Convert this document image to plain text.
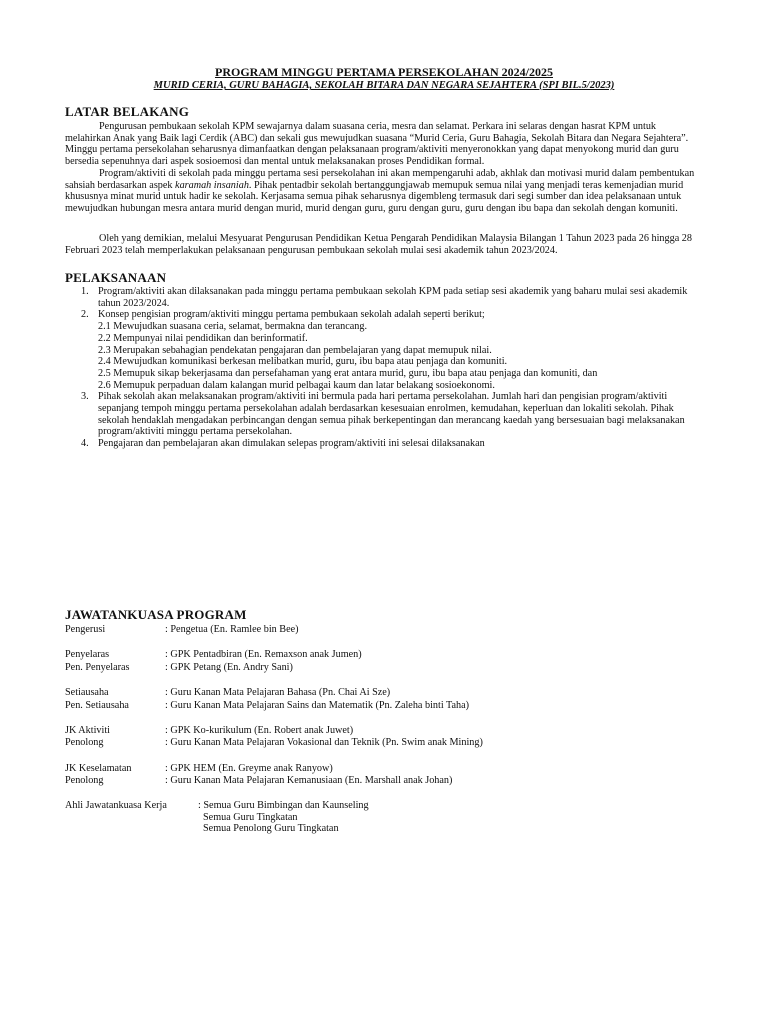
PROGRAM MINGGU PERTAMA PERSEKOLAHAN 2024/2025
MURID CERIA, GURU BAHAGIA, SEKOLAH BITARA DAN NEGARA SEJAHTERA (SPI BIL.5/2023)
LATAR BELAKANG

Pengurusan pembukaan sekolah KPM sewajarnya dalam suasana ceria, mesra dan selamat. Perkara ini selaras dengan hasrat KPM untuk melahirkan Anak yang Baik lagi Cerdik (ABC) dan sekali gus mewujudkan suasana “Murid Ceria, Guru Bahagia, Sekolah Bitara dan Negara Sejahtera”. Minggu pertama persekolahan seharusnya dimanfaatkan dengan pelaksanaan program/aktiviti menyeronokkan yang dapat menyokong murid dan guru bersedia sepenuhnya dari aspek sosioemosi dan mental untuk melaksanakan proses Pendidikan formal.

Program/aktiviti di sekolah pada minggu pertama sesi persekolahan ini akan mempengaruhi adab, akhlak dan motivasi murid dalam pembentukan sahsiah berdasarkan aspek karamah insaniah. Pihak pentadbir sekolah bertanggungjawab memupuk semua nilai yang menjadi teras kemenjadian murid khususnya minat murid untuk hadir ke sekolah. Kerjasama semua pihak seharusnya digembleng termasuk dari segi sumber dan idea pelaksanaan untuk mewujudkan hubungan mesra antara murid dengan murid, murid dengan guru, guru dengan guru, guru dengan ibu bapa dan sekolah dengan komuniti.

Oleh yang demikian, melalui Mesyuarat Pengurusan Pendidikan Ketua Pengarah Pendidikan Malaysia Bilangan 1 Tahun 2023 pada 26 hingga 28 Februari 2023 telah memperlakukan pelaksanaan pengurusan pembukaan sekolah mulai sesi akademik tahun 2023/2024.

PELAKSANAAN
1. Program/aktiviti akan dilaksanakan pada minggu pertama pembukaan sekolah KPM pada setiap sesi akademik yang baharu mulai sesi akademik tahun 2023/2024.
2. Konsep pengisian program/aktiviti minggu pertama pembukaan sekolah adalah seperti berikut;
2.1 Mewujudkan suasana ceria, selamat, bermakna dan terancang.
2.2 Mempunyai nilai pendidikan dan berinformatif.
2.3 Merupakan sebahagian pendekatan pengajaran dan pembelajaran yang dapat memupuk nilai.
2.4 Mewujudkan komunikasi berkesan melibatkan murid, guru, ibu bapa atau penjaga dan komuniti.
2.5 Memupuk sikap bekerjasama dan persefahaman yang erat antara murid, guru, ibu bapa atau penjaga dan komuniti, dan
2.6 Memupuk perpaduan dalam kalangan murid pelbagai kaum dan latar belakang sosioekonomi.
3. Pihak sekolah akan melaksanakan program/aktiviti ini bermula pada hari pertama persekolahan. Jumlah hari dan pengisian program/aktiviti sepanjang tempoh minggu pertama persekolahan adalah berdasarkan kesesuaian enrolmen, kemudahan, keperluan dan lokaliti sekolah. Pihak sekolah hendaklah mengadakan perbincangan dengan semua pihak berkepentingan dan merancang kaedah yang bersesuaian bagi melaksanakan program/aktiviti minggu pertama persekolahan.
4. Pengajaran dan pembelajaran akan dimulakan selepas program/aktiviti ini selesai dilaksanakan
JAWATANKUASA PROGRAM
Pengerusi	: Pengetua (En. Ramlee bin Bee)
Penyelaras	: GPK Pentadbiran (En. Remaxson anak Jumen)
Pen. Penyelaras	: GPK Petang (En. Andry Sani)
Setiausaha	: Guru Kanan Mata Pelajaran Bahasa (Pn. Chai Ai Sze)
Pen. Setiausaha	: Guru Kanan Mata Pelajaran Sains dan Matematik (Pn. Zaleha binti Taha)
JK Aktiviti	: GPK Ko-kurikulum (En. Robert anak Juwet)
Penolong	: Guru Kanan Mata Pelajaran Vokasional dan Teknik (Pn. Swim anak Mining)
JK Keselamatan	: GPK HEM (En. Greyme anak Ranyow)
Penolong	: Guru Kanan Mata Pelajaran Kemanusiaan (En. Marshall anak Johan)
Ahli Jawatankuasa Kerja	: Semua Guru Bimbingan dan Kaunseling
Semua Guru Tingkatan
Semua Penolong Guru Tingkatan
